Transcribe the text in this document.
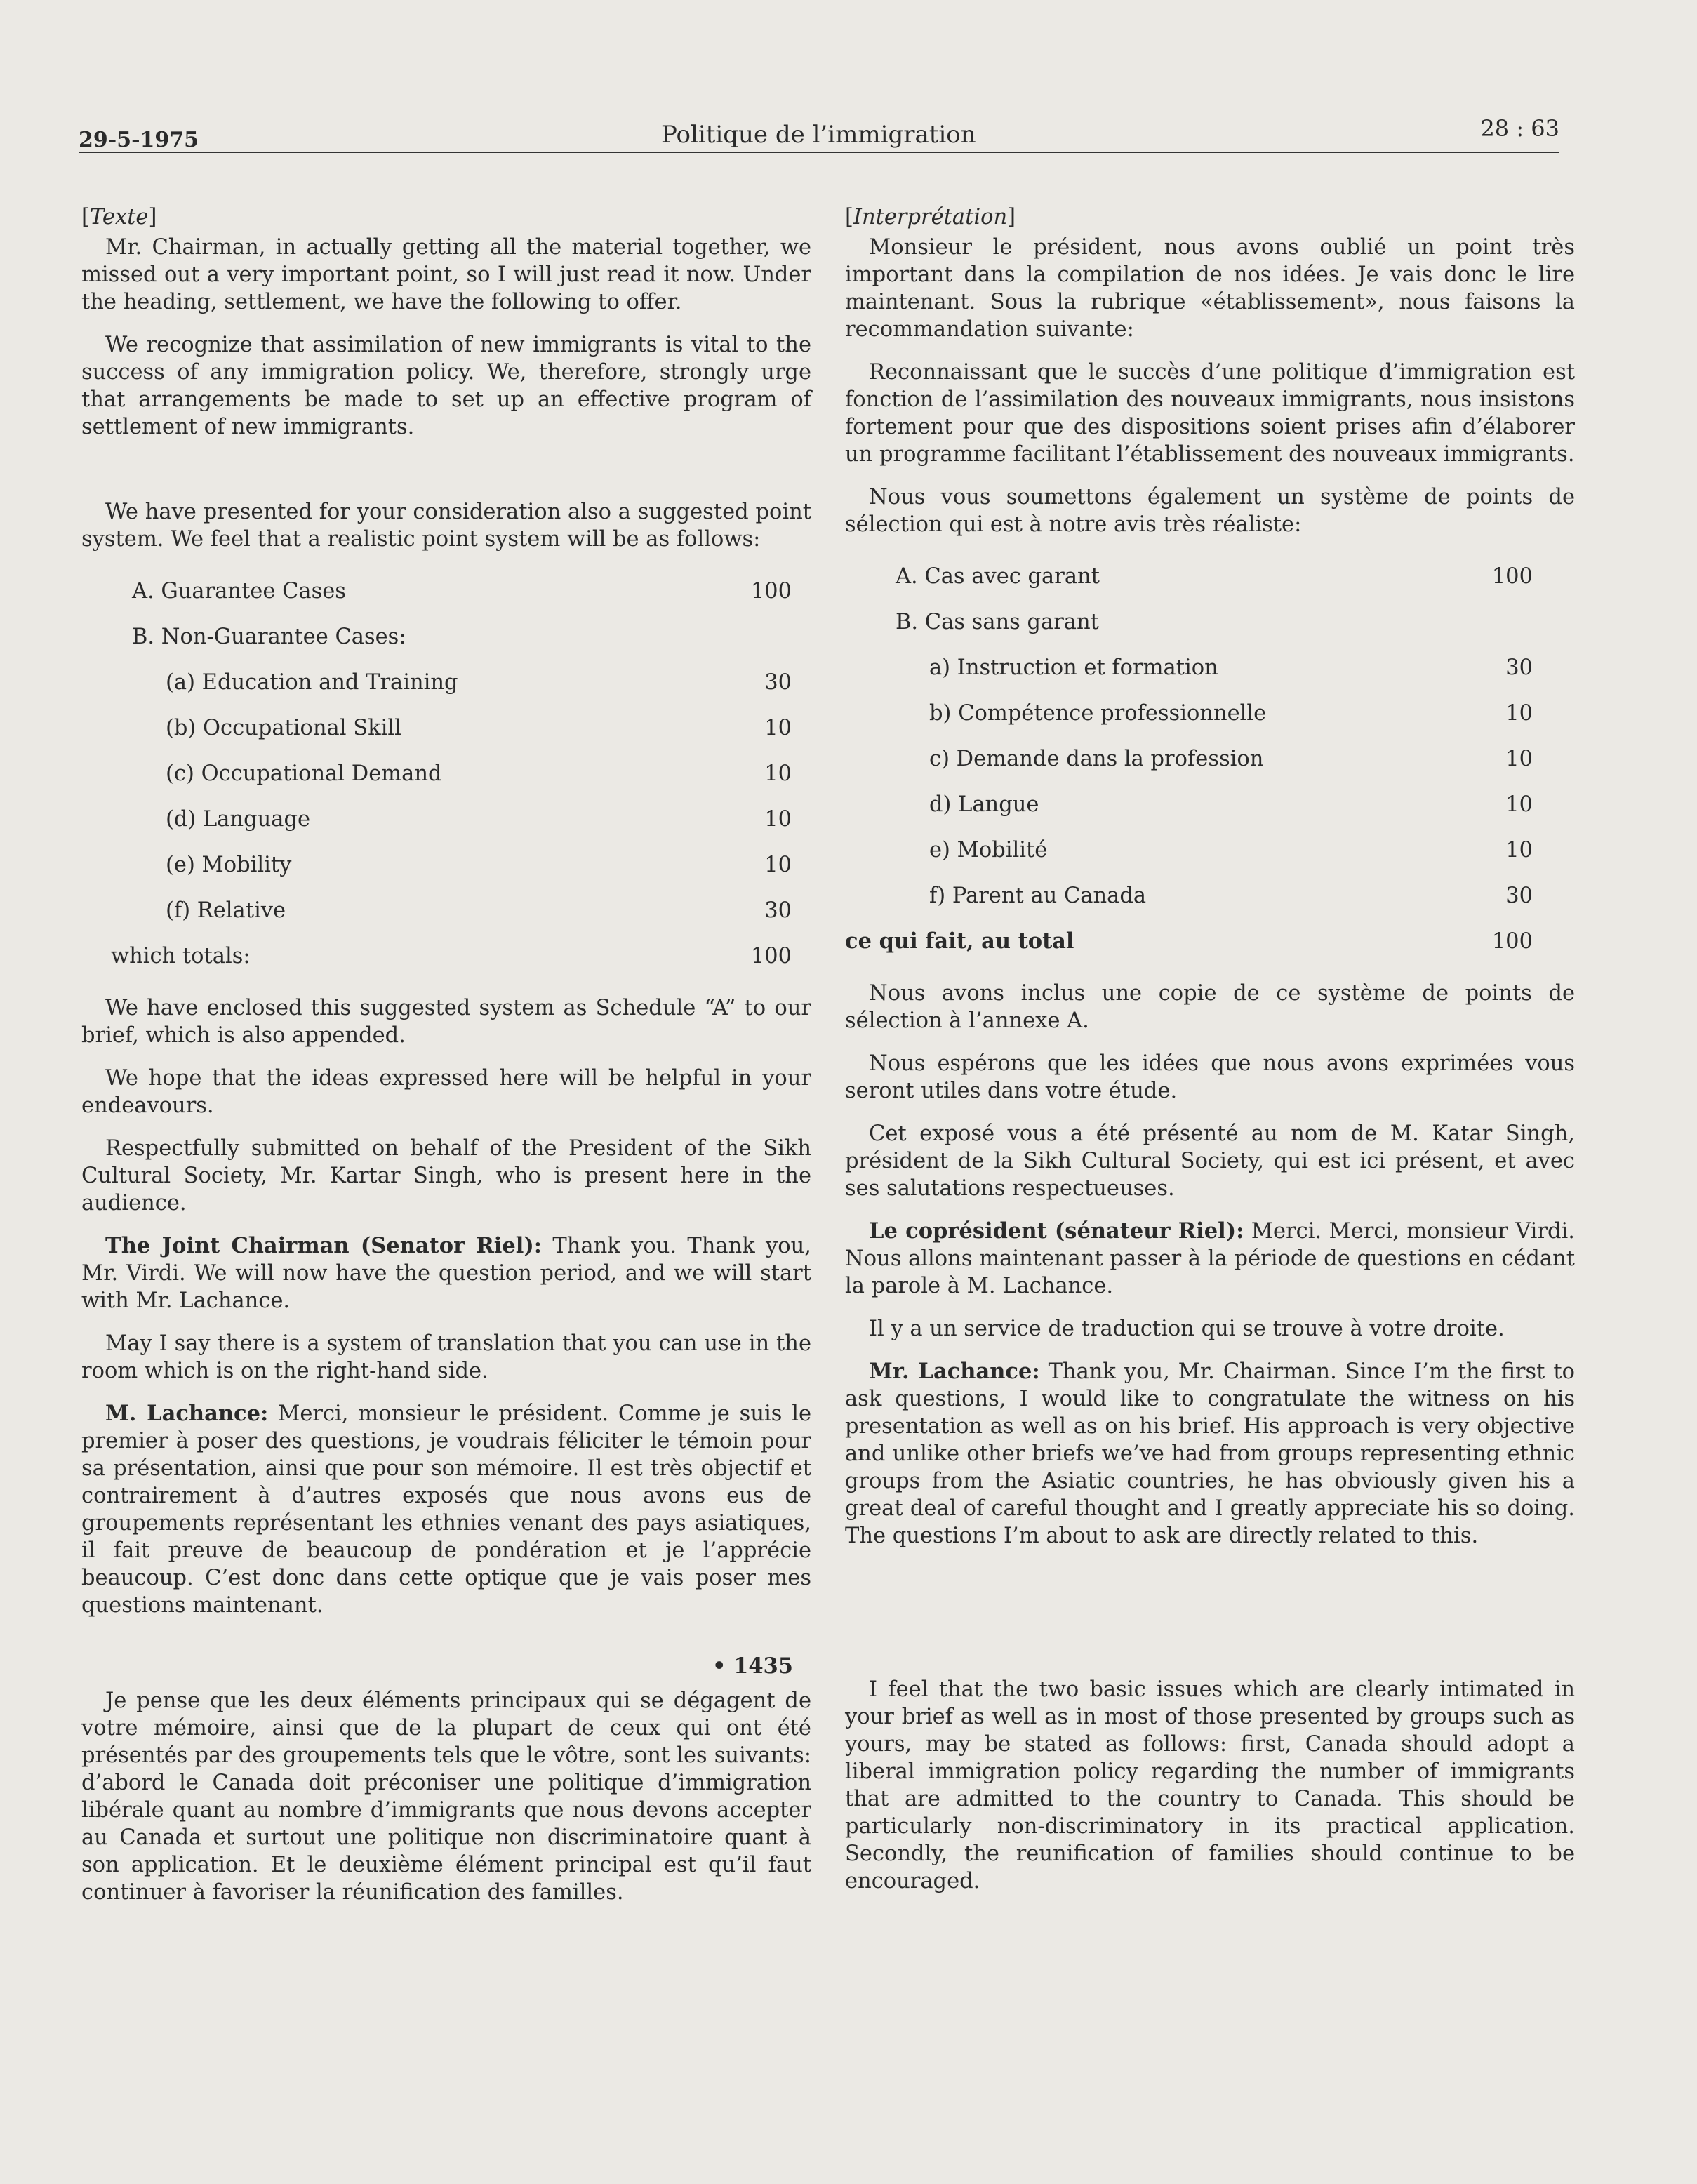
29-5-1975	Politique de l’immigration	28 : 63

[Texte]

Mr. Chairman, in actually getting all the material together, we missed out a very important point, so I will just read it now. Under the heading, settlement, we have the following to offer.

We recognize that assimilation of new immigrants is vital to the success of any immigration policy. We, therefore, strongly urge that arrangements be made to set up an effective program of settlement of new immigrants.

We have presented for your consideration also a suggested point system. We feel that a realistic point system will be as follows:

A. Guarantee Cases	100
B. Non-Guarantee Cases:
(a) Education and Training	30
(b) Occupational Skill	10
(c) Occupational Demand	10
(d) Language	10
(e) Mobility	10
(f) Relative	30
which totals:	100

We have enclosed this suggested system as Schedule “A” to our brief, which is also appended.

We hope that the ideas expressed here will be helpful in your endeavours.

Respectfully submitted on behalf of the President of the Sikh Cultural Society, Mr. Kartar Singh, who is present here in the audience.

The Joint Chairman (Senator Riel): Thank you. Thank you, Mr. Virdi. We will now have the question period, and we will start with Mr. Lachance.

May I say there is a system of translation that you can use in the room which is on the right-hand side.

M. Lachance: Merci, monsieur le président. Comme je suis le premier à poser des questions, je voudrais féliciter le témoin pour sa présentation, ainsi que pour son mémoire. Il est très objectif et contrairement à d’autres exposés que nous avons eus de groupements représentant les ethnies venant des pays asiatiques, il fait preuve de beaucoup de pondération et je l’apprécie beaucoup. C’est donc dans cette optique que je vais poser mes questions maintenant.

• 1435

Je pense que les deux éléments principaux qui se dégagent de votre mémoire, ainsi que de la plupart de ceux qui ont été présentés par des groupements tels que le vôtre, sont les suivants: d’abord le Canada doit préconiser une politique d’immigration libérale quant au nombre d’immigrants que nous devons accepter au Canada et surtout une politique non discriminatoire quant à son application. Et le deuxième élément principal est qu’il faut continuer à favoriser la réunification des familles.

[Interprétation]

Monsieur le président, nous avons oublié un point très important dans la compilation de nos idées. Je vais donc le lire maintenant. Sous la rubrique «établissement», nous faisons la recommandation suivante:

Reconnaissant que le succès d’une politique d’immigration est fonction de l’assimilation des nouveaux immigrants, nous insistons fortement pour que des dispositions soient prises afin d’élaborer un programme facilitant l’établissement des nouveaux immigrants.

Nous vous soumettons également un système de points de sélection qui est à notre avis très réaliste:

A. Cas avec garant	100
B. Cas sans garant
a) Instruction et formation	30
b) Compétence professionnelle	10
c) Demande dans la profession	10
d) Langue	10
e) Mobilité	10
f) Parent au Canada	30
ce qui fait, au total	100

Nous avons inclus une copie de ce système de points de sélection à l’annexe A.

Nous espérons que les idées que nous avons exprimées vous seront utiles dans votre étude.

Cet exposé vous a été présenté au nom de M. Katar Singh, président de la Sikh Cultural Society, qui est ici présent, et avec ses salutations respectueuses.

Le coprésident (sénateur Riel): Merci. Merci, monsieur Virdi. Nous allons maintenant passer à la période de questions en cédant la parole à M. Lachance.

Il y a un service de traduction qui se trouve à votre droite.

Mr. Lachance: Thank you, Mr. Chairman. Since I’m the first to ask questions, I would like to congratulate the witness on his presentation as well as on his brief. His approach is very objective and unlike other briefs we’ve had from groups representing ethnic groups from the Asiatic countries, he has obviously given his a great deal of careful thought and I greatly appreciate his so doing. The questions I’m about to ask are directly related to this.

I feel that the two basic issues which are clearly intimated in your brief as well as in most of those presented by groups such as yours, may be stated as follows: first, Canada should adopt a liberal immigration policy regarding the number of immigrants that are admitted to the country to Canada. This should be particularly non-discriminatory in its practical application. Secondly, the reunification of families should continue to be encouraged.
